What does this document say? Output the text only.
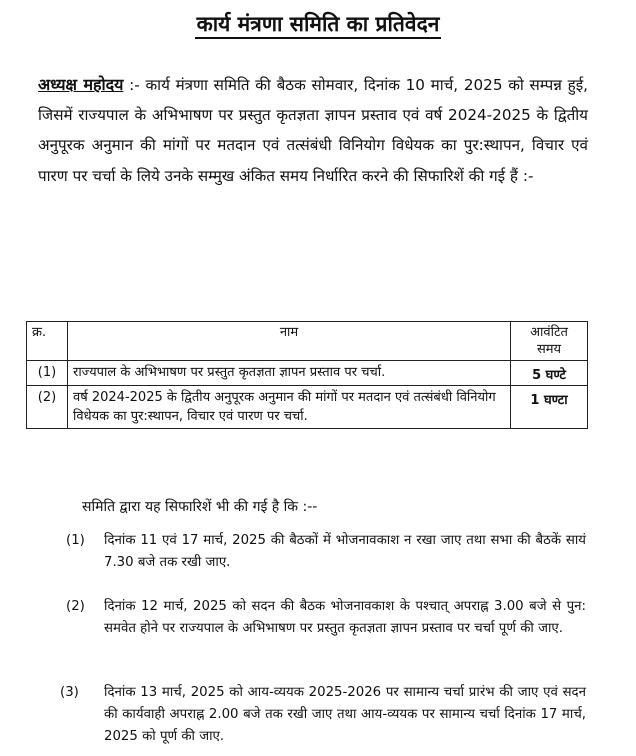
कार्य मंत्रणा समिति का प्रतिवेदन
अध्यक्ष महोदय :- कार्य मंत्रणा समिति की बैठक सोमवार, दिनांक 10 मार्च, 2025 को सम्पन्न हुई, जिसमें राज्यपाल के अभिभाषण पर प्रस्तुत कृतज्ञता ज्ञापन प्रस्ताव एवं वर्ष 2024-2025 के द्वितीय अनुपूरक अनुमान की मांगों पर मतदान एवं तत्संबंधी विनियोग विधेयक का पुर:स्थापन, विचार एवं पारण पर चर्चा के लिये उनके सम्मुख अंकित समय निर्धारित करने की सिफारिशें की गई हैं :-
क्र.	नाम	आवंटित समय
(1)	राज्यपाल के अभिभाषण पर प्रस्तुत कृतज्ञता ज्ञापन प्रस्ताव पर चर्चा.	5 घण्टे
(2)	वर्ष 2024-2025 के द्वितीय अनुपूरक अनुमान की मांगों पर मतदान एवं तत्संबंधी विनियोग विधेयक का पुर:स्थापन, विचार एवं पारण पर चर्चा.	1 घण्टा
समिति द्वारा यह सिफारिशें भी की गई है कि :--
(1)	दिनांक 11 एवं 17 मार्च, 2025 की बैठकों में भोजनावकाश न रखा जाए तथा सभा की बैठकें सायं 7.30 बजे तक रखी जाए.
(2)	दिनांक 12 मार्च, 2025 को सदन की बैठक भोजनावकाश के पश्चात् अपराह्न 3.00 बजे से पुन: समवेत होने पर राज्यपाल के अभिभाषण पर प्रस्तुत कृतज्ञता ज्ञापन प्रस्ताव पर चर्चा पूर्ण की जाए.
(3)	दिनांक 13 मार्च, 2025 को आय-व्ययक 2025-2026 पर सामान्य चर्चा प्रारंभ की जाए एवं सदन की कार्यवाही अपराह्न 2.00 बजे तक रखी जाए तथा आय-व्ययक पर सामान्य चर्चा दिनांक 17 मार्च, 2025 को पूर्ण की जाए.
